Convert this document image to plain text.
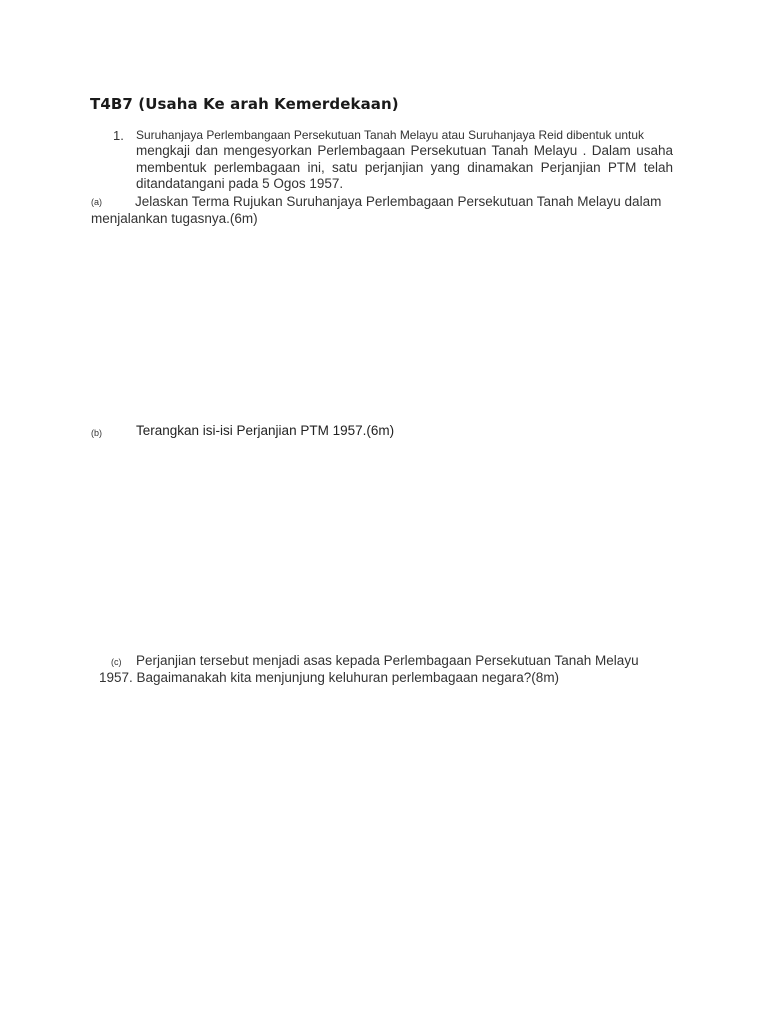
T4B7 (Usaha Ke arah Kemerdekaan)
1. Suruhanjaya Perlembangaan Persekutuan Tanah Melayu atau Suruhanjaya Reid dibentuk untuk
mengkaji dan mengesyorkan Perlembagaan Persekutuan Tanah Melayu . Dalam usaha
membentuk perlembagaan ini, satu perjanjian yang dinamakan Perjanjian PTM telah
ditandatangani pada 5 Ogos 1957.
(a)	Jelaskan Terma Rujukan Suruhanjaya Perlembagaan Persekutuan Tanah Melayu dalam
menjalankan tugasnya.(6m)
(b)	Terangkan isi-isi Perjanjian PTM 1957.(6m)
(c)	Perjanjian tersebut menjadi asas kepada Perlembagaan Persekutuan Tanah Melayu
1957. Bagaimanakah kita menjunjung keluhuran perlembagaan negara?(8m)
